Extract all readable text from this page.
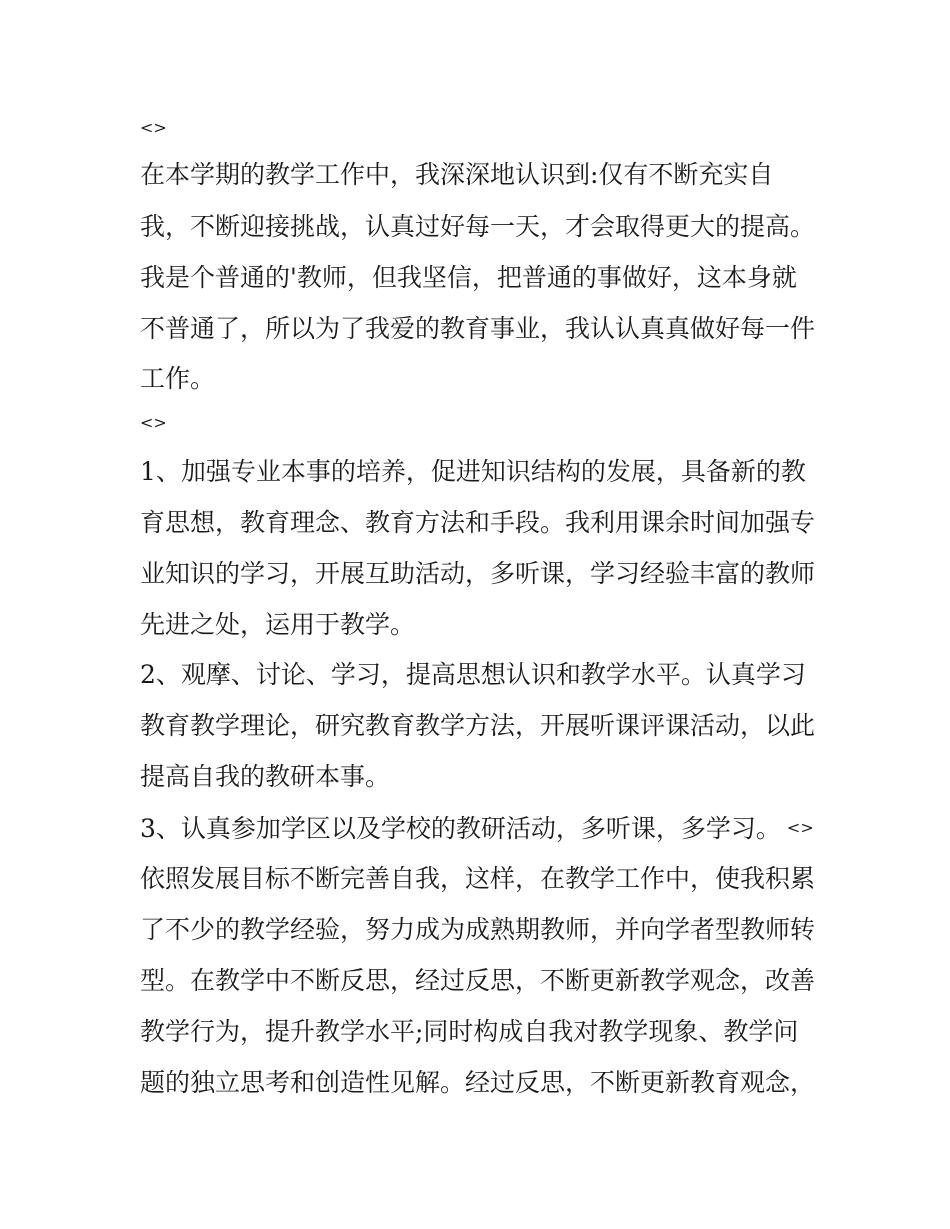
<>
在本学期的教学工作中，我深深地认识到:仅有不断充实自
我，不断迎接挑战，认真过好每一天，才会取得更大的提高。
我是个普通的'教师，但我坚信，把普通的事做好，这本身就
不普通了，所以为了我爱的教育事业，我认认真真做好每一件
工作。
<>
1、加强专业本事的培养，促进知识结构的发展，具备新的教
育思想，教育理念、教育方法和手段。我利用课余时间加强专
业知识的学习，开展互助活动，多听课，学习经验丰富的教师
先进之处，运用于教学。
2、观摩、讨论、学习，提高思想认识和教学水平。认真学习
教育教学理论，研究教育教学方法，开展听课评课活动，以此
提高自我的教研本事。
3、认真参加学区以及学校的教研活动，多听课，多学习。 <>
依照发展目标不断完善自我，这样，在教学工作中，使我积累
了不少的教学经验，努力成为成熟期教师，并向学者型教师转
型。在教学中不断反思，经过反思，不断更新教学观念，改善
教学行为，提升教学水平;同时构成自我对教学现象、教学问
题的独立思考和创造性见解。经过反思，不断更新教育观念，
